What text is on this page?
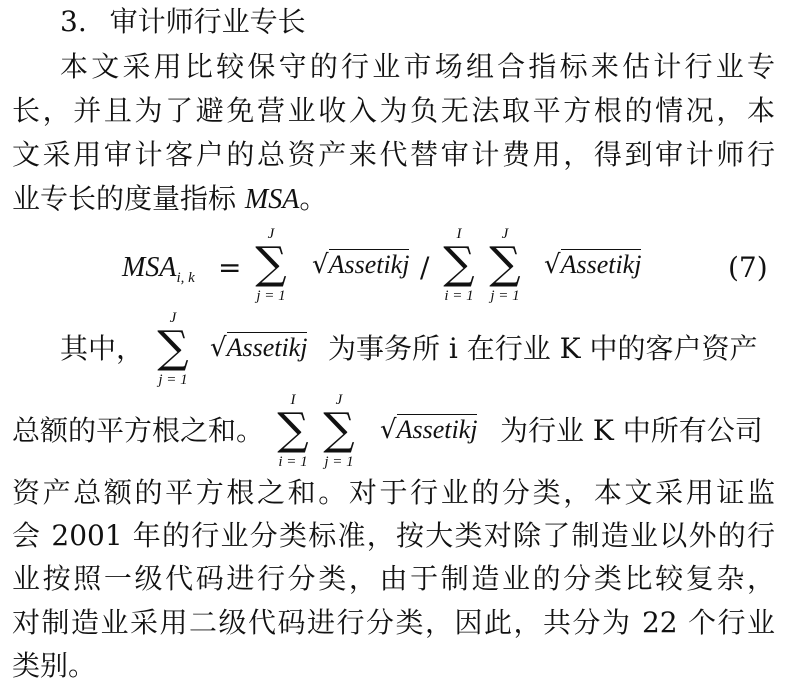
3. 审计师行业专长
本文采用比较保守的行业市场组合指标来估计行业专
长，并且为了避免营业收入为负无法取平方根的情况，本
文采用审计客户的总资产来代替审计费用，得到审计师行
业专长的度量指标 MSA。
$MSA_{i, k}$ =
J
∑
j = 1
√Assetikj /
I
∑
i = 1
J
∑
j = 1
√Assetikj	(7)
其中，
J
∑
j = 1
√Assetikj 为事务所 i 在行业 K 中的客户资产
总额的平方根之和。
I
∑
i = 1
J
∑
j = 1
√Assetikj 为行业 K 中所有公司
资产总额的平方根之和。对于行业的分类，本文采用证监
会 2001 年的行业分类标准，按大类对除了制造业以外的行
业按照一级代码进行分类，由于制造业的分类比较复杂，
对制造业采用二级代码进行分类，因此，共分为 22 个行业
类别。
